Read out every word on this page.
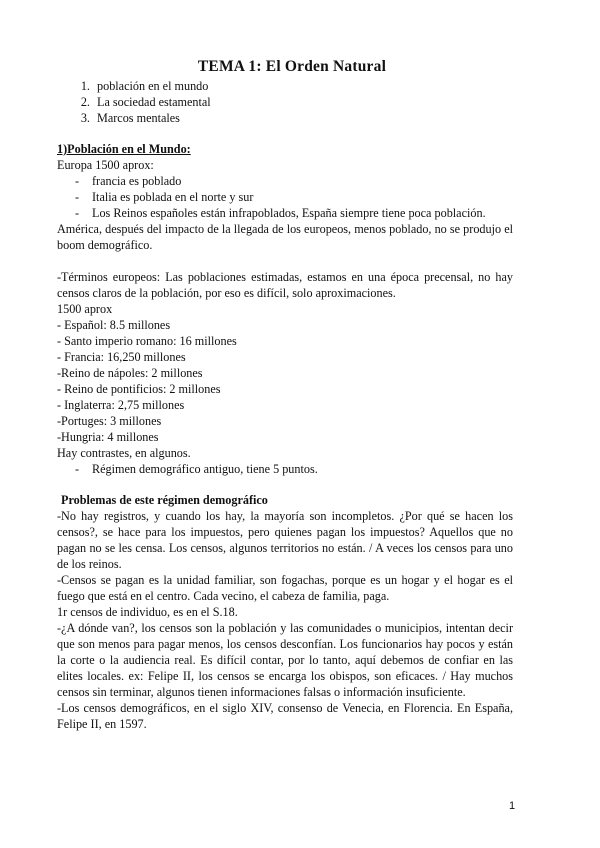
TEMA 1: El Orden Natural
1. población en el mundo
2. La sociedad estamental
3. Marcos mentales
1)Población en el Mundo:

Europa 1500 aprox:

- francia es poblado
- Italia es poblada en el norte y sur
- Los Reinos españoles están infrapoblados, España siempre tiene poca población.

América, después del impacto de la llegada de los europeos, menos poblado, no se produjo el boom demográfico.

-Términos europeos: Las poblaciones estimadas, estamos en una época precensal, no hay censos claros de la población, por eso es difícil, solo aproximaciones.

1500 aprox

- Español: 8.5 millones

- Santo imperio romano: 16 millones

- Francia: 16,250 millones

-Reino de nápoles: 2 millones

- Reino de pontificios: 2 millones

- Inglaterra: 2,75 millones

-Portuges: 3 millones

-Hungria: 4 millones

Hay contrastes, en algunos.

- Régimen demográfico antiguo, tiene 5 puntos.
Problemas de este régimen demográfico

-No hay registros, y cuando los hay, la mayoría son incompletos. ¿Por qué se hacen los censos?, se hace para los impuestos, pero quienes pagan los impuestos? Aquellos que no pagan no se les censa. Los censos, algunos territorios no están. / A veces los censos para uno de los reinos.

-Censos se pagan es la unidad familiar, son fogachas, porque es un hogar y el hogar es el fuego que está en el centro. Cada vecino, el cabeza de familia, paga.

1r censos de individuo, es en el S.18.

-¿A dónde van?, los censos son la población y las comunidades o municipios, intentan decir que son menos para pagar menos, los censos desconfían. Los funcionarios hay pocos y están la corte o la audiencia real. Es difícil contar, por lo tanto, aquí debemos de confiar en las elites locales. ex: Felipe II, los censos se encarga los obispos, son eficaces. / Hay muchos censos sin terminar, algunos tienen informaciones falsas o información insuficiente.

-Los censos demográficos, en el siglo XIV, consenso de Venecia, en Florencia. En España, Felipe II, en 1597.

1
